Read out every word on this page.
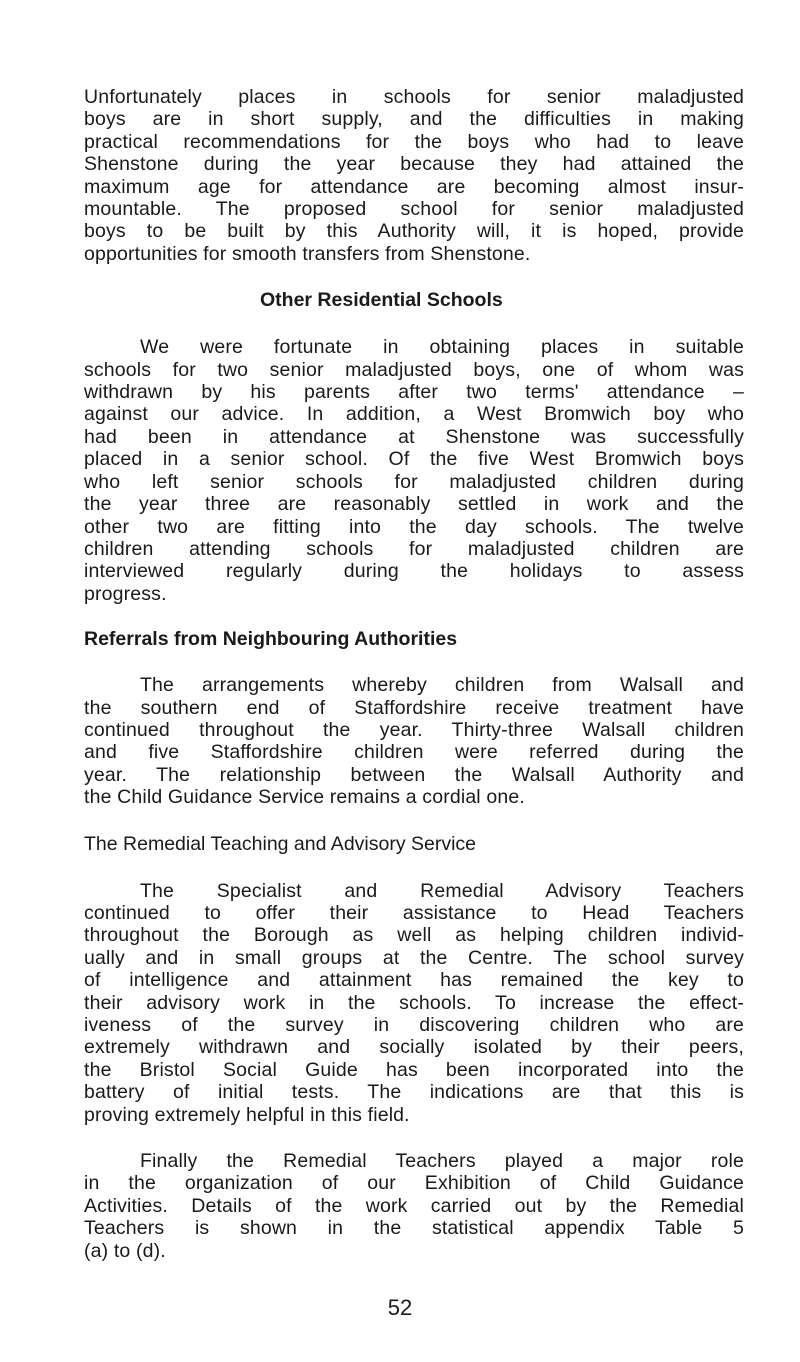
Unfortunately places in schools for senior maladjusted
boys are in short supply, and the difficulties in making
practical recommendations for the boys who had to leave
Shenstone during the year because they had attained the
maximum age for attendance are becoming almost insur-
mountable. The proposed school for senior maladjusted
boys to be built by this Authority will, it is hoped, provide
opportunities for smooth transfers from Shenstone.

Other Residential Schools

We were fortunate in obtaining places in suitable
schools for two senior maladjusted boys, one of whom was
withdrawn by his parents after two terms' attendance –
against our advice. In addition, a West Bromwich boy who
had been in attendance at Shenstone was successfully
placed in a senior school. Of the five West Bromwich boys
who left senior schools for maladjusted children during
the year three are reasonably settled in work and the
other two are fitting into the day schools. The twelve
children attending schools for maladjusted children are
interviewed regularly during the holidays to assess
progress.

Referrals from Neighbouring Authorities

The arrangements whereby children from Walsall and
the southern end of Staffordshire receive treatment have
continued throughout the year. Thirty-three Walsall children
and five Staffordshire children were referred during the
year. The relationship between the Walsall Authority and
the Child Guidance Service remains a cordial one.

The Remedial Teaching and Advisory Service

The Specialist and Remedial Advisory Teachers
continued to offer their assistance to Head Teachers
throughout the Borough as well as helping children individ-
ually and in small groups at the Centre. The school survey
of intelligence and attainment has remained the key to
their advisory work in the schools. To increase the effect-
iveness of the survey in discovering children who are
extremely withdrawn and socially isolated by their peers,
the Bristol Social Guide has been incorporated into the
battery of initial tests. The indications are that this is
proving extremely helpful in this field.

Finally the Remedial Teachers played a major role
in the organization of our Exhibition of Child Guidance
Activities. Details of the work carried out by the Remedial
Teachers is shown in the statistical appendix Table 5
(a) to (d).

52
